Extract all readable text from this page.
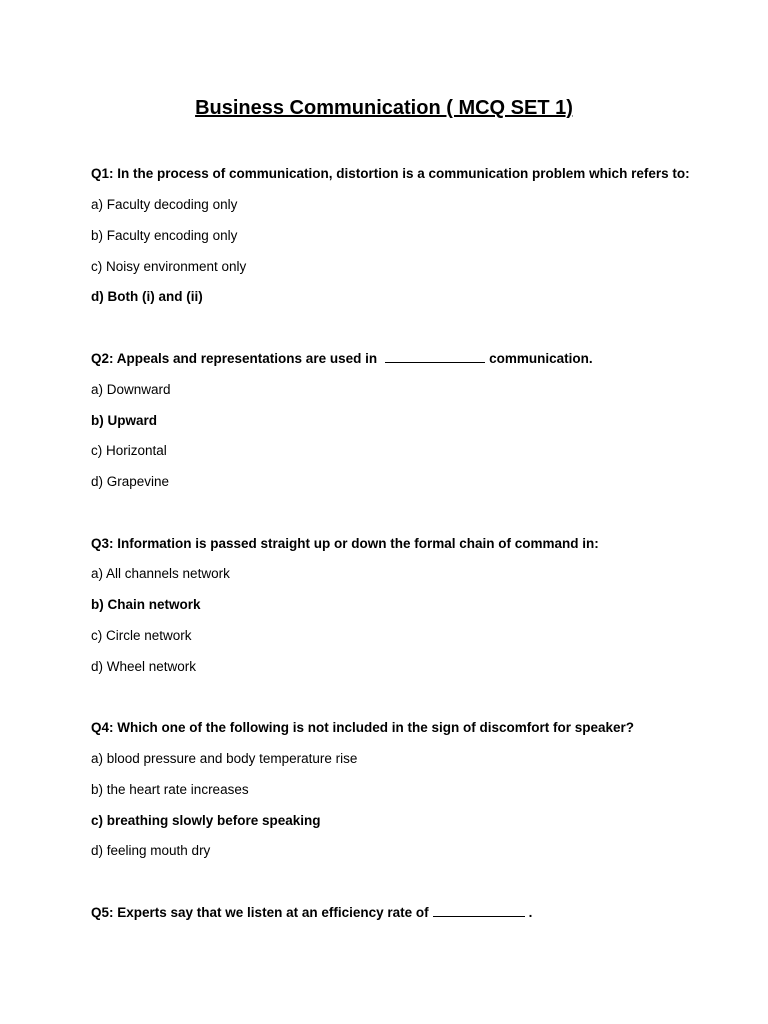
Business Communication ( MCQ SET 1)

Q1: In the process of communication, distortion is a communication problem which refers to:

a) Faculty decoding only

b) Faculty encoding only

c) Noisy environment only

d) Both (i) and (ii)

Q2: Appeals and representations are used in	communication.

a) Downward

b) Upward

c) Horizontal

d) Grapevine

Q3: Information is passed straight up or down the formal chain of command in:

a) All channels network

b) Chain network

c) Circle network

d) Wheel network

Q4: Which one of the following is not included in the sign of discomfort for speaker?

a) blood pressure and body temperature rise

b) the heart rate increases

c) breathing slowly before speaking

d) feeling mouth dry

Q5: Experts say that we listen at an efficiency rate of	.
